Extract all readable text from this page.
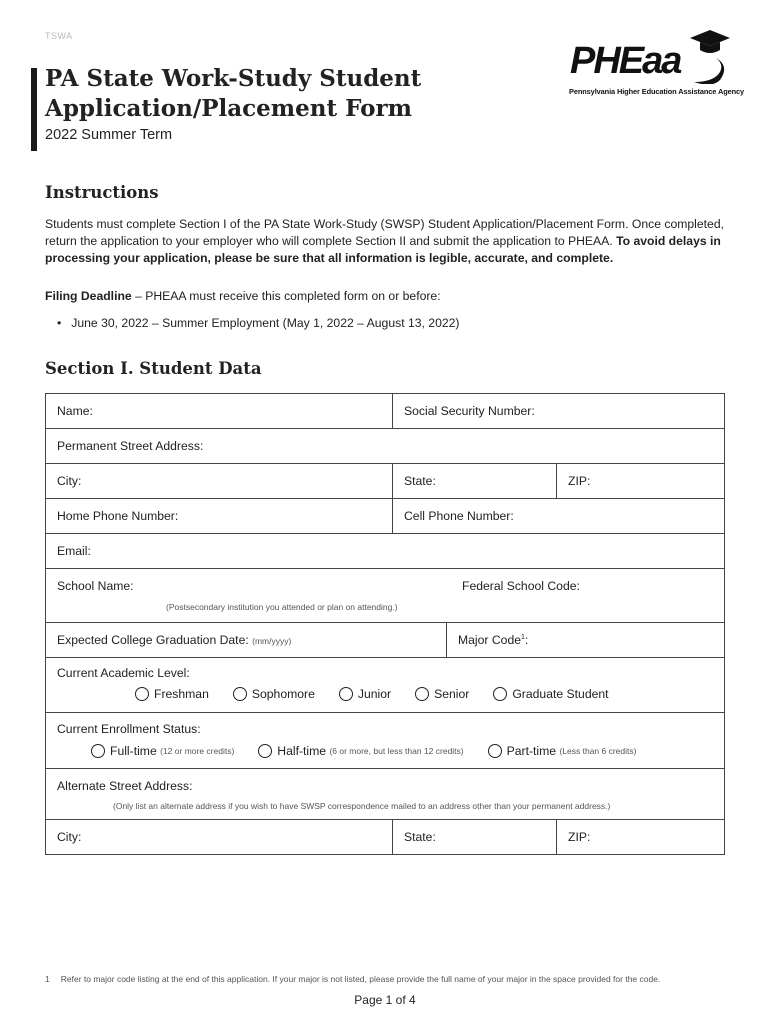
TSWA
PA State Work-Study Student Application/Placement Form
2022 Summer Term
PHEaa
Pennsylvania Higher Education Assistance Agency
Instructions
Students must complete Section I of the PA State Work-Study (SWSP) Student Application/Placement Form. Once completed, return the application to your employer who will complete Section II and submit the application to PHEAA. To avoid delays in processing your application, please be sure that all information is legible, accurate, and complete.
Filing Deadline – PHEAA must receive this completed form on or before:
• June 30, 2022 – Summer Employment (May 1, 2022 – August 13, 2022)
Section I. Student Data
Name:	Social Security Number:
Permanent Street Address:
City:	State:	ZIP:
Home Phone Number:	Cell Phone Number:
Email:
School Name:
(Postsecondary institution you attended or plan on attending.)
Federal School Code:
Expected College Graduation Date: (mm/yyyy)	Major Code$^1$:
Current Academic Level:
Freshman	Sophomore	Junior	Senior	Graduate Student
Current Enrollment Status:
Full-time
(12 or more credits)	Half-time
(6 or more, but less than 12 credits)	Part-time
(Less than 6 credits)
Alternate Street Address:
(Only list an alternate address if you wish to have SWSP correspondence mailed to an address other than your permanent address.)
City:	State:	ZIP:
1 Refer to major code listing at the end of this application. If your major is not listed, please provide the full name of your major in the space provided for the code.
Page 1 of 4
